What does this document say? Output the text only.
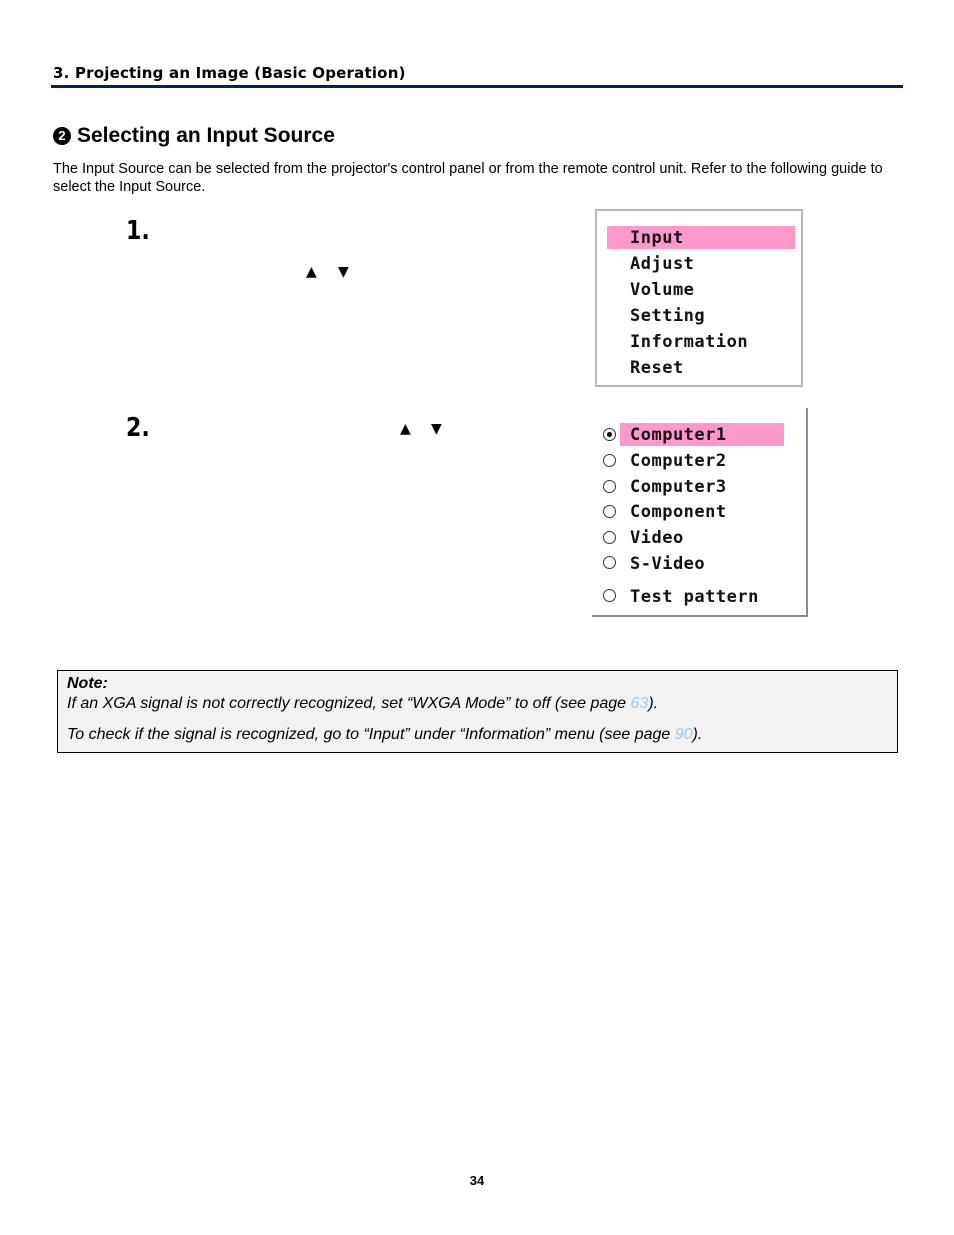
3. Projecting an Image (Basic Operation)
2 Selecting an Input Source
The Input Source can be selected from the projector's control panel or from the remote control unit. Refer to the following guide to select the Input Source.
1.
▲ ▼
Input
Adjust
Volume
Setting
Information
Reset
2.	▲ ▼	Computer1
Computer2
Computer3
Component
Video
S-Video
Test pattern
Note:
If an XGA signal is not correctly recognized, set “WXGA Mode” to off (see page 63).
To check if the signal is recognized, go to “Input” under “Information” menu (see page 90).
34
